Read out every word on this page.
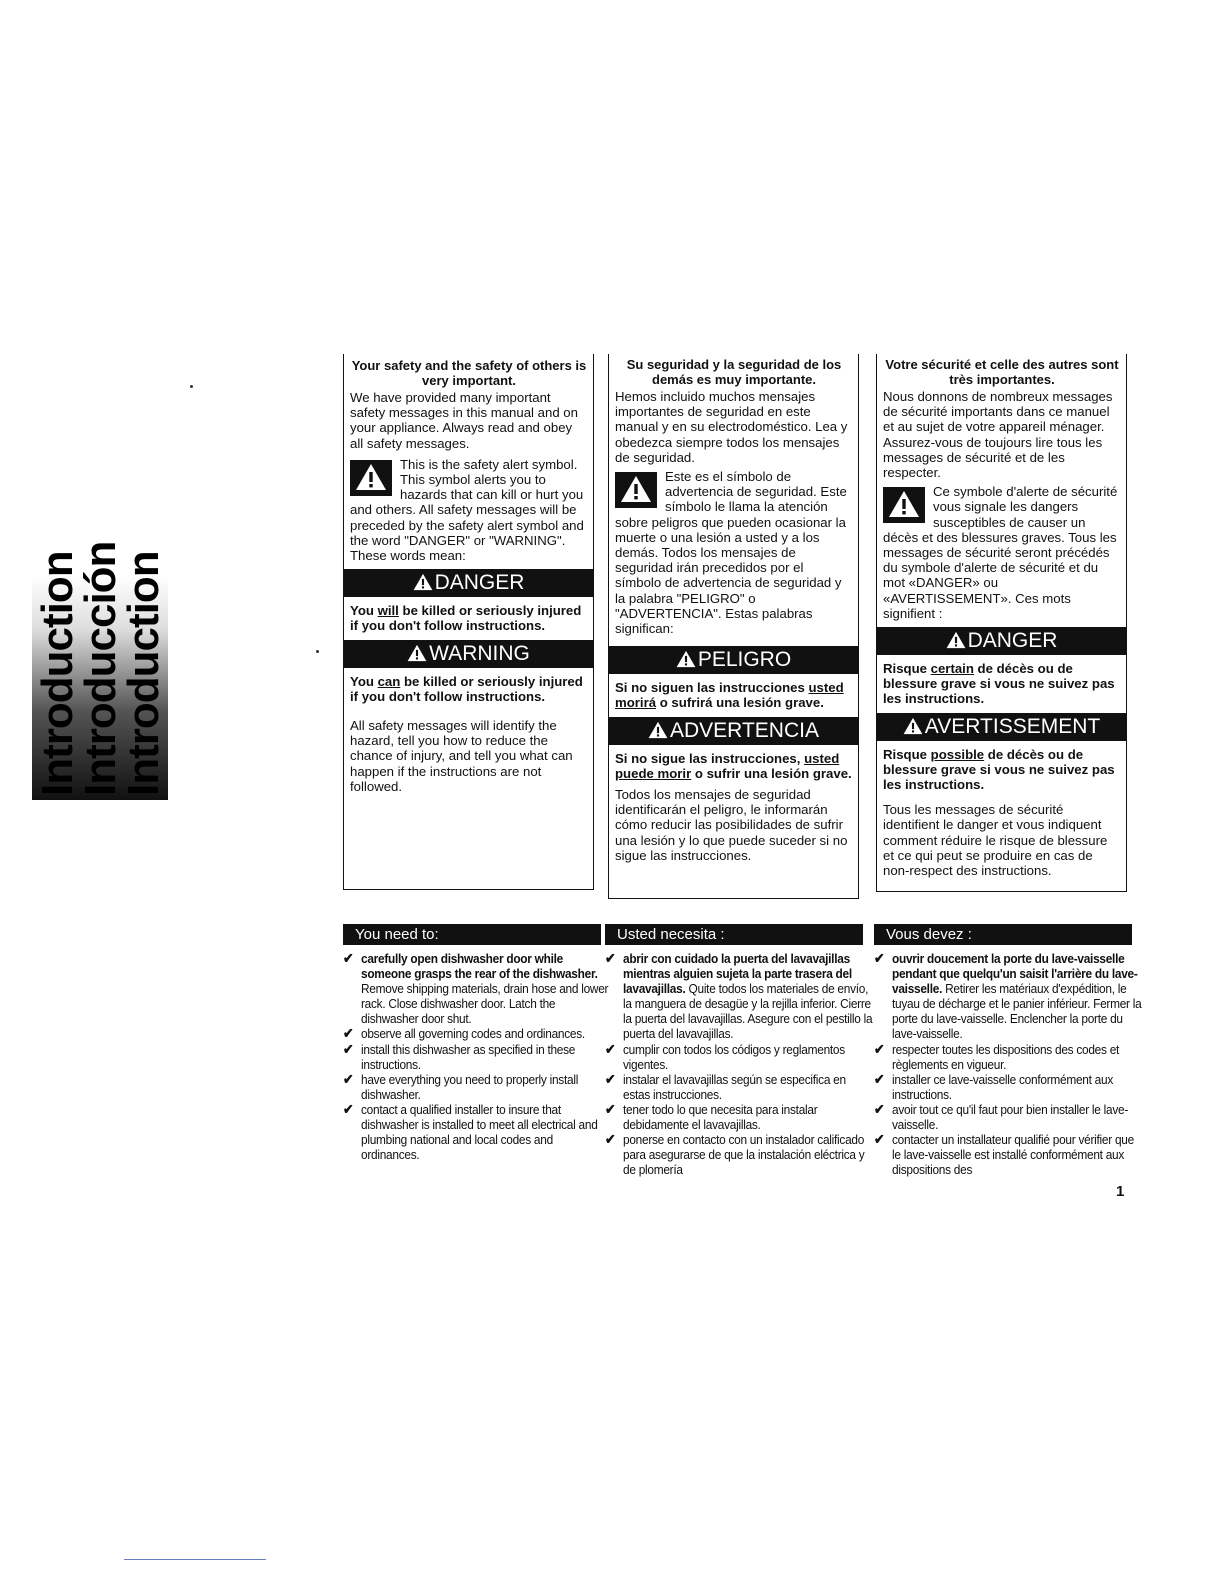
Introduction
Introducción
Introduction
Your safety and the safety of others is very important.

We have provided many important safety messages in this manual and on your appliance. Always read and obey all safety messages.

This is the safety alert symbol. This symbol alerts you to hazards that can kill or hurt you and others. All safety messages will be preceded by the safety alert symbol and the word "DANGER" or "WARNING". These words mean:
DANGER

You will be killed or seriously injured if you don't follow instructions.

WARNING

You can be killed or seriously injured if you don't follow instructions.

All safety messages will identify the hazard, tell you how to reduce the chance of injury, and tell you what can happen if the instructions are not followed.

Su seguridad y la seguridad de los demás es muy importante.

Hemos incluido muchos mensajes importantes de seguridad en este manual y en su electrodoméstico. Lea y obedezca siempre todos los mensajes de seguridad.

Este es el símbolo de advertencia de seguridad. Este símbolo le llama la atención sobre peligros que pueden ocasionar la muerte o una lesión a usted y a los demás. Todos los mensajes de seguridad irán precedidos por el símbolo de advertencia de seguridad y la palabra "PELIGRO" o "ADVERTENCIA". Estas palabras significan:
PELIGRO

Si no siguen las instrucciones usted morirá o sufrirá una lesión grave.

ADVERTENCIA

Si no sigue las instrucciones, usted puede morir o sufrir una lesión grave.

Todos los mensajes de seguridad identificarán el peligro, le informarán cómo reducir las posibilidades de sufrir una lesión y lo que puede suceder si no sigue las instrucciones.

Votre sécurité et celle des autres sont très importantes.

Nous donnons de nombreux messages de sécurité importants dans ce manuel et au sujet de votre appareil ménager. Assurez-vous de toujours lire tous les messages de sécurité et de les respecter.

Ce symbole d'alerte de sécurité vous signale les dangers susceptibles de causer un décès et des blessures graves. Tous les messages de sécurité seront précédés du symbole d'alerte de sécurité et du mot «DANGER» ou «AVERTISSEMENT». Ces mots signifient :
DANGER

Risque certain de décès ou de blessure grave si vous ne suivez pas les instructions.

AVERTISSEMENT

Risque possible de décès ou de blessure grave si vous ne suivez pas les instructions.

Tous les messages de sécurité identifient le danger et vous indiquent comment réduire le risque de blessure et ce qui peut se produire en cas de non-respect des instructions.

You need to:
✔ carefully open dishwasher door while someone grasps the rear of the dishwasher. Remove shipping materials, drain hose and lower rack. Close dishwasher door. Latch the dishwasher door shut.
✔ observe all governing codes and ordinances.
✔ install this dishwasher as specified in these instructions.
✔ have everything you need to properly install dishwasher.
✔ contact a qualified installer to insure that dishwasher is installed to meet all electrical and plumbing national and local codes and ordinances.
Usted necesita :
✔ abrir con cuidado la puerta del lavavajillas mientras alguien sujeta la parte trasera del lavavajillas. Quite todos los materiales de envío, la manguera de desagüe y la rejilla inferior. Cierre la puerta del lavavajillas. Asegure con el pestillo la puerta del lavavajillas.
✔ cumplir con todos los códigos y reglamentos vigentes.
✔ instalar el lavavajillas según se especifica en estas instrucciones.
✔ tener todo lo que necesita para instalar debidamente el lavavajillas.
✔ ponerse en contacto con un instalador calificado para asegurarse de que la instalación eléctrica y de plomería
Vous devez :
✔ ouvrir doucement la porte du lave-vaisselle pendant que quelqu'un saisit l'arrière du lave-vaisselle. Retirer les matériaux d'expédition, le tuyau de décharge et le panier inférieur. Fermer la porte du lave-vaisselle. Enclencher la porte du lave-vaisselle.
✔ respecter toutes les dispositions des codes et règlements en vigueur.
✔ installer ce lave-vaisselle conformément aux instructions.
✔ avoir tout ce qu'il faut pour bien installer le lave-vaisselle.
✔ contacter un installateur qualifié pour vérifier que le lave-vaisselle est installé conformément aux dispositions des
1
